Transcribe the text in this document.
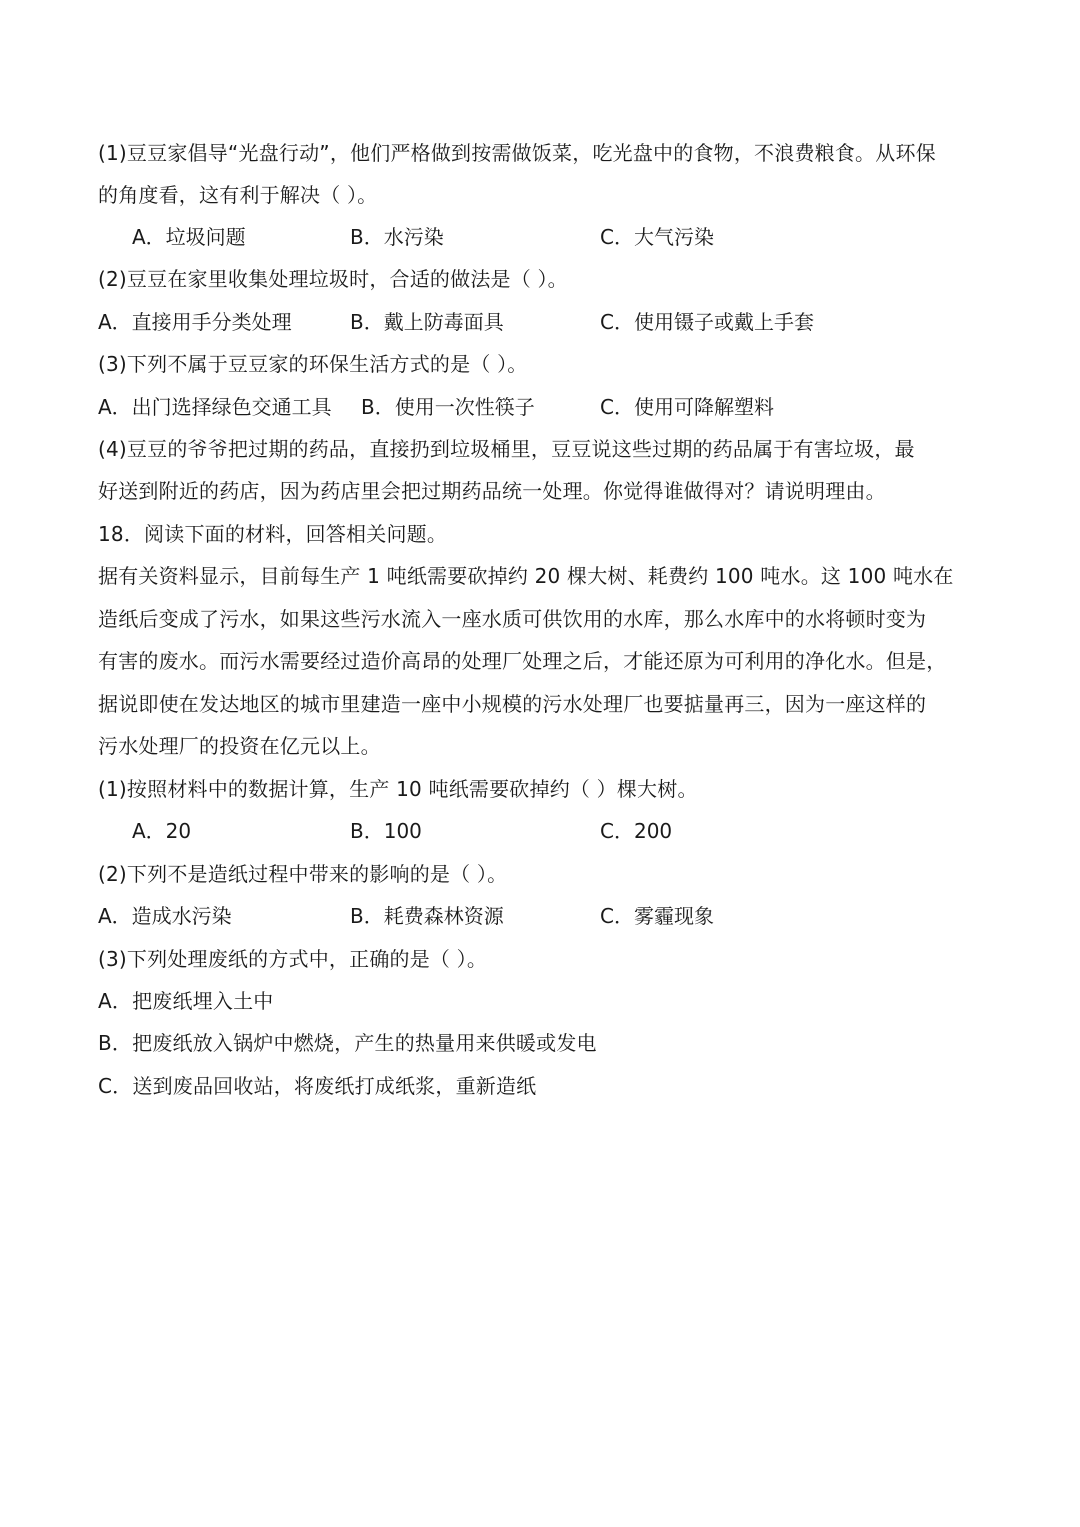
(1)豆豆家倡导“光盘行动”，他们严格做到按需做饭菜，吃光盘中的食物，不浪费粮食。从环保
的角度看，这有利于解决（ ）。
A．垃圾问题	B．水污染	C．大气污染
(2)豆豆在家里收集处理垃圾时，合适的做法是（ ）。
A．直接用手分类处理	B．戴上防毒面具	C．使用镊子或戴上手套
(3)下列不属于豆豆家的环保生活方式的是（ ）。
A．出门选择绿色交通工具 B．使用一次性筷子	C．使用可降解塑料
(4)豆豆的爷爷把过期的药品，直接扔到垃圾桶里，豆豆说这些过期的药品属于有害垃圾，最
好送到附近的药店，因为药店里会把过期药品统一处理。你觉得谁做得对？请说明理由。
18．阅读下面的材料，回答相关问题。
据有关资料显示，目前每生产 1 吨纸需要砍掉约 20 棵大树、耗费约 100 吨水。这 100 吨水在
造纸后变成了污水，如果这些污水流入一座水质可供饮用的水库，那么水库中的水将顿时变为
有害的废水。而污水需要经过造价高昂的处理厂处理之后，才能还原为可利用的净化水。但是，
据说即使在发达地区的城市里建造一座中小规模的污水处理厂也要掂量再三，因为一座这样的
污水处理厂的投资在亿元以上。
(1)按照材料中的数据计算，生产 10 吨纸需要砍掉约（ ）棵大树。
A．20	B．100	C．200
(2)下列不是造纸过程中带来的影响的是（ ）。
A．造成水污染	B．耗费森林资源	C．雾霾现象
(3)下列处理废纸的方式中，正确的是（ ）。
A．把废纸埋入土中
B．把废纸放入锅炉中燃烧，产生的热量用来供暖或发电
C．送到废品回收站，将废纸打成纸浆，重新造纸
